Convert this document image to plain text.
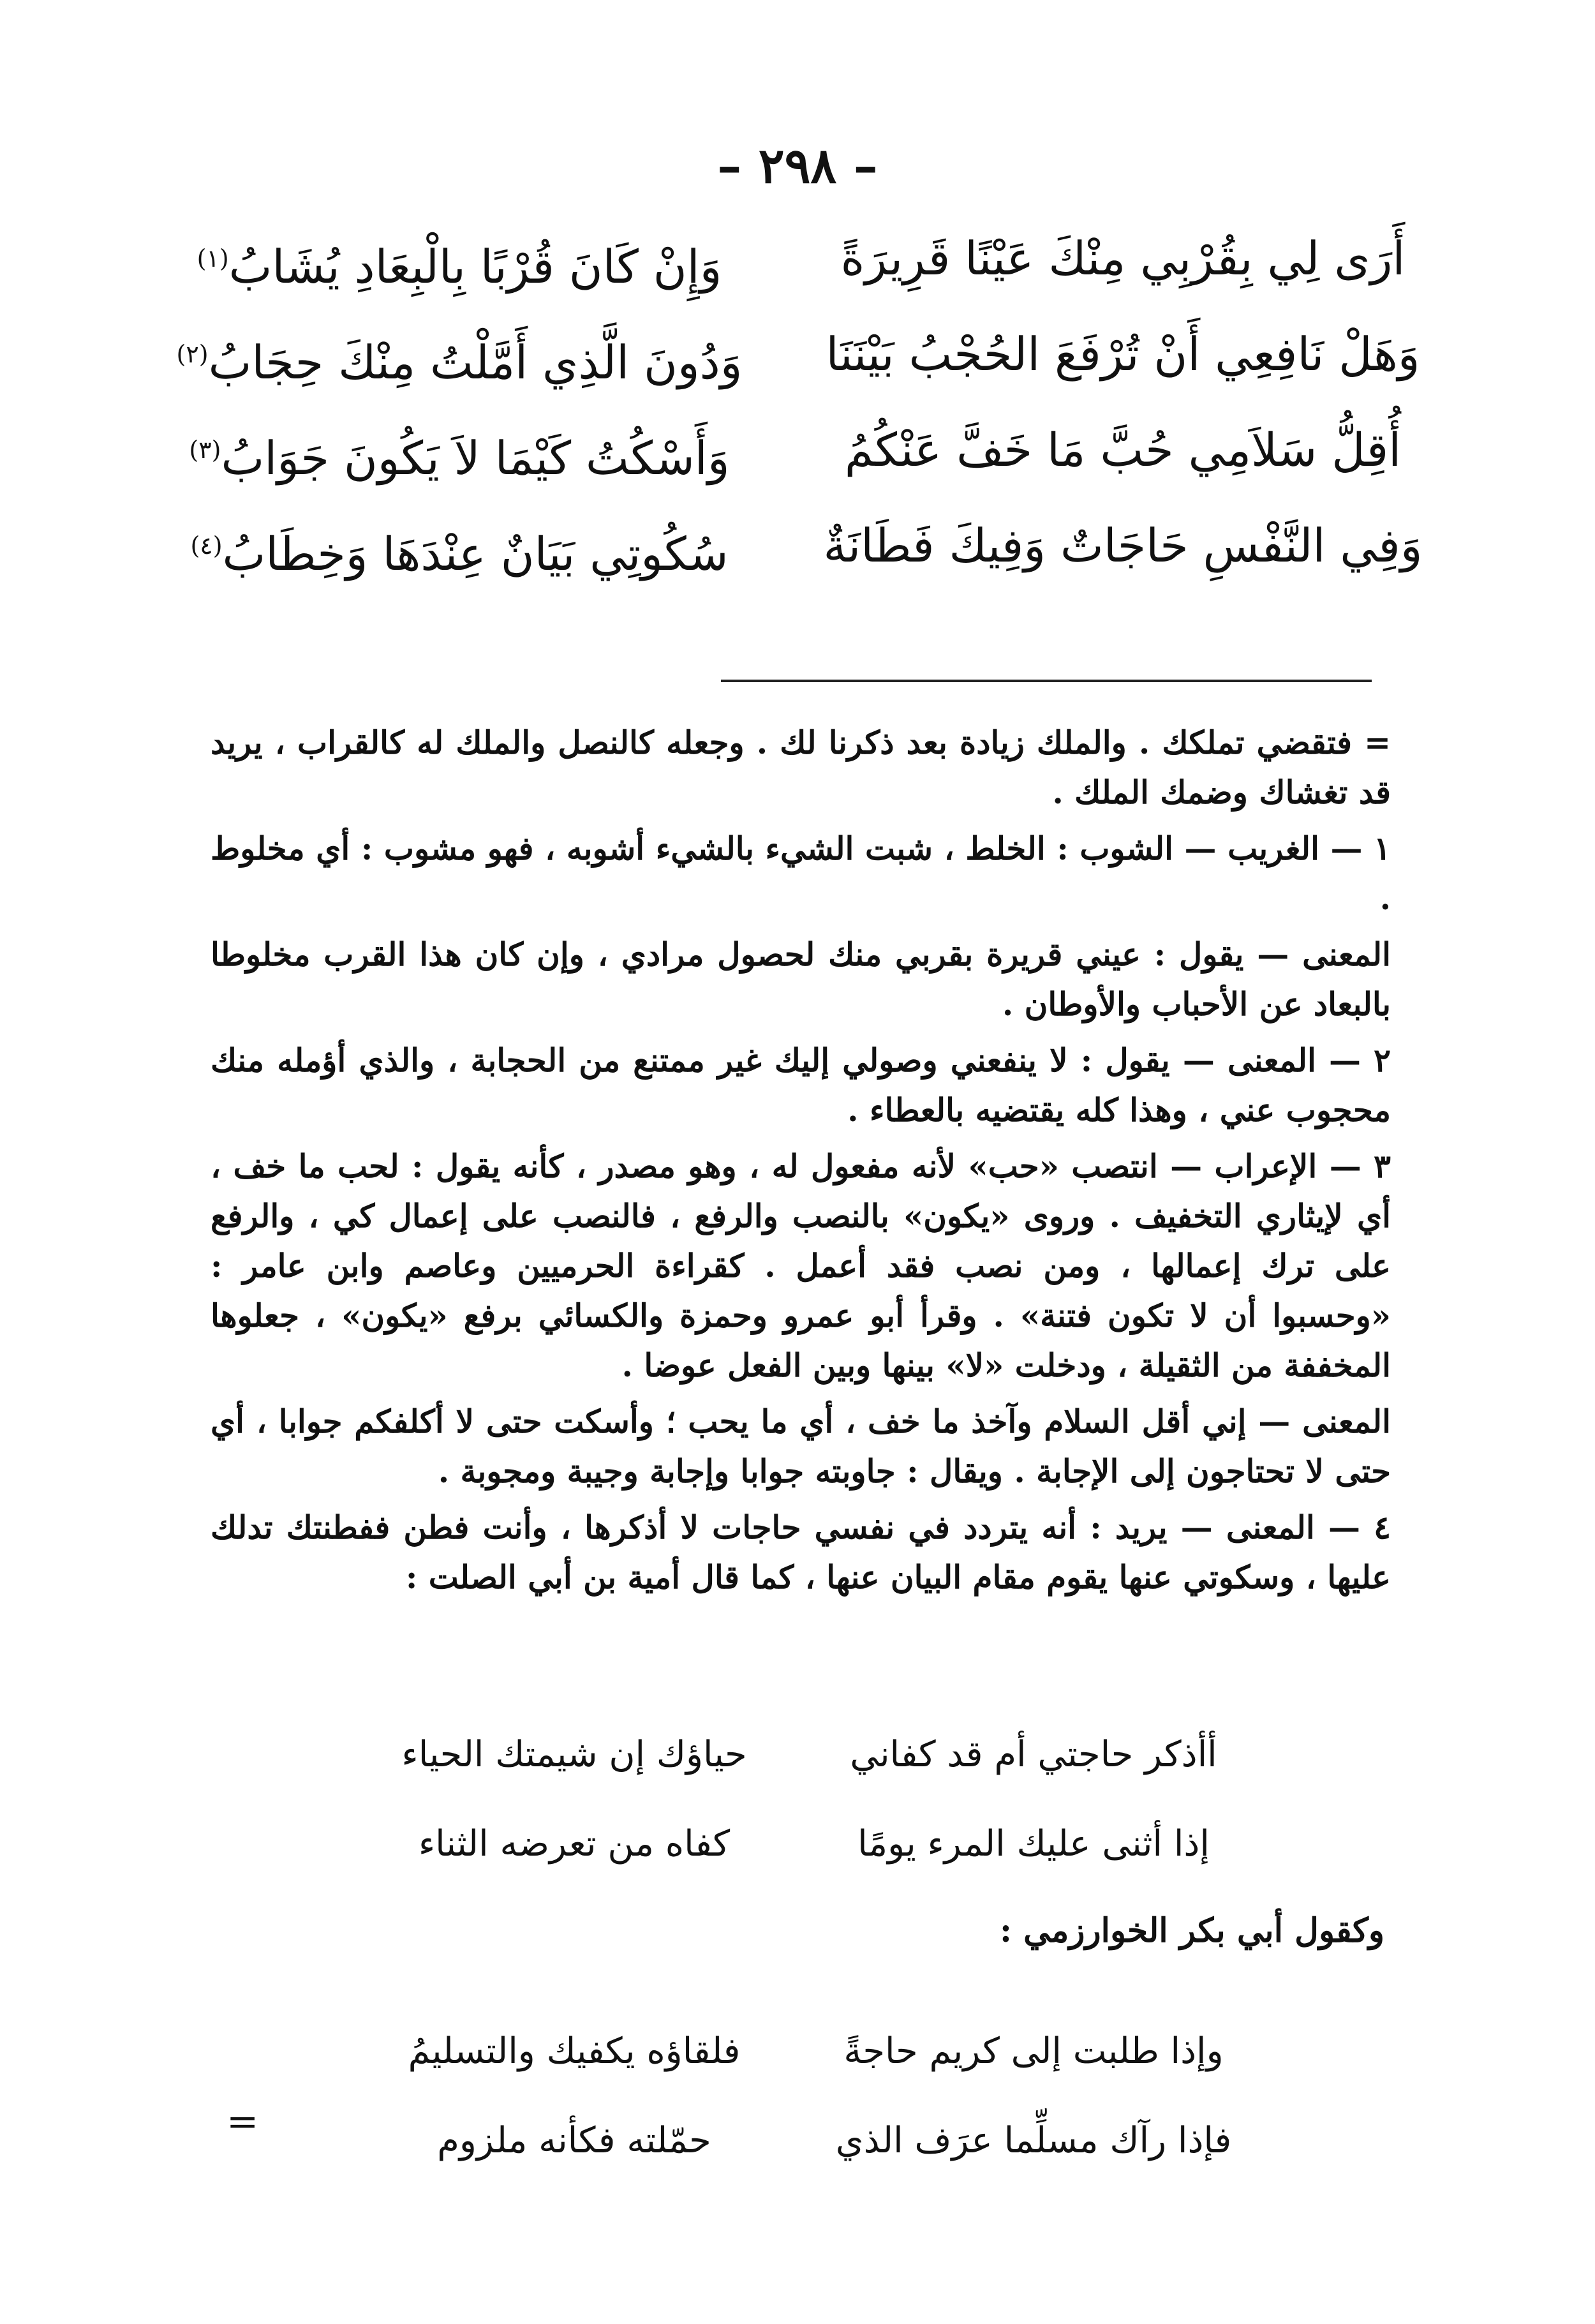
– ٢٩٨ –
أَرَى لِي بِقُرْبِي مِنْكَ عَيْنًا قَرِيرَةً
وَإِنْ كَانَ قُرْبًا بِالْبِعَادِ يُشَابُ$^{(١)}$
وَهَلْ نَافِعِي أَنْ تُرْفَعَ الحُجْبُ بَيْنَنَا
وَدُونَ الَّذِي أَمَّلْتُ مِنْكَ حِجَابُ$^{(٢)}$
أُقِلُّ سَلاَمِي حُبَّ مَا خَفَّ عَنْكُمُ
وَأَسْكُتُ كَيْمَا لاَ يَكُونَ جَوَابُ$^{(٣)}$
وَفِي النَّفْسِ حَاجَاتٌ وَفِيكَ فَطَانَةٌ
سُكُوتِي بَيَانٌ عِنْدَهَا وَخِطَابُ$^{(٤)}$

= فتقضي تملكك . والملك زيادة بعد ذكرنا لك . وجعله كالنصل والملك له كالقراب ، يريد قد تغشاك وضمك الملك .

١ — الغريب — الشوب : الخلط ، شبت الشيء بالشيء أشوبه ، فهو مشوب : أي مخلوط .

المعنى — يقول : عيني قريرة بقربي منك لحصول مرادي ، وإن كان هذا القرب مخلوطا بالبعاد عن الأحباب والأوطان .

٢ — المعنى — يقول : لا ينفعني وصولي إليك غير ممتنع من الحجابة ، والذي أؤمله منك محجوب عني ، وهذا كله يقتضيه بالعطاء .

٣ — الإعراب — انتصب «حب» لأنه مفعول له ، وهو مصدر ، كأنه يقول : لحب ما خف ، أي لإيثاري التخفيف . وروى «يكون» بالنصب والرفع ، فالنصب على إعمال كي ، والرفع على ترك إعمالها ، ومن نصب فقد أعمل . كقراءة الحرميين وعاصم وابن عامر : «وحسبوا أن لا تكون فتنة» . وقرأ أبو عمرو وحمزة والكسائي برفع «يكون» ، جعلوها المخففة من الثقيلة ، ودخلت «لا» بينها وبين الفعل عوضا .

المعنى — إني أقل السلام وآخذ ما خف ، أي ما يحب ؛ وأسكت حتى لا أكلفكم جوابا ، أي حتى لا تحتاجون إلى الإجابة . ويقال : جاوبته جوابا وإجابة وجيبة ومجوبة .

٤ — المعنى — يريد : أنه يتردد في نفسي حاجات لا أذكرها ، وأنت فطن ففطنتك تدلك عليها ، وسكوتي عنها يقوم مقام البيان عنها ، كما قال أمية بن أبي الصلت :

أأذكر حاجتي أم قد كفاني
حياؤك إن شيمتك الحياء
إذا أثنى عليك المرء يومًا
كفاه من تعرضه الثناء
وكقول أبي بكر الخوارزمي :
وإذا طلبت إلى كريم حاجةً
فلقاؤه يكفيك والتسليمُ
فإذا رآك مسلِّما عرَف الذي
حمّلته فكأنه ملزوم
=
